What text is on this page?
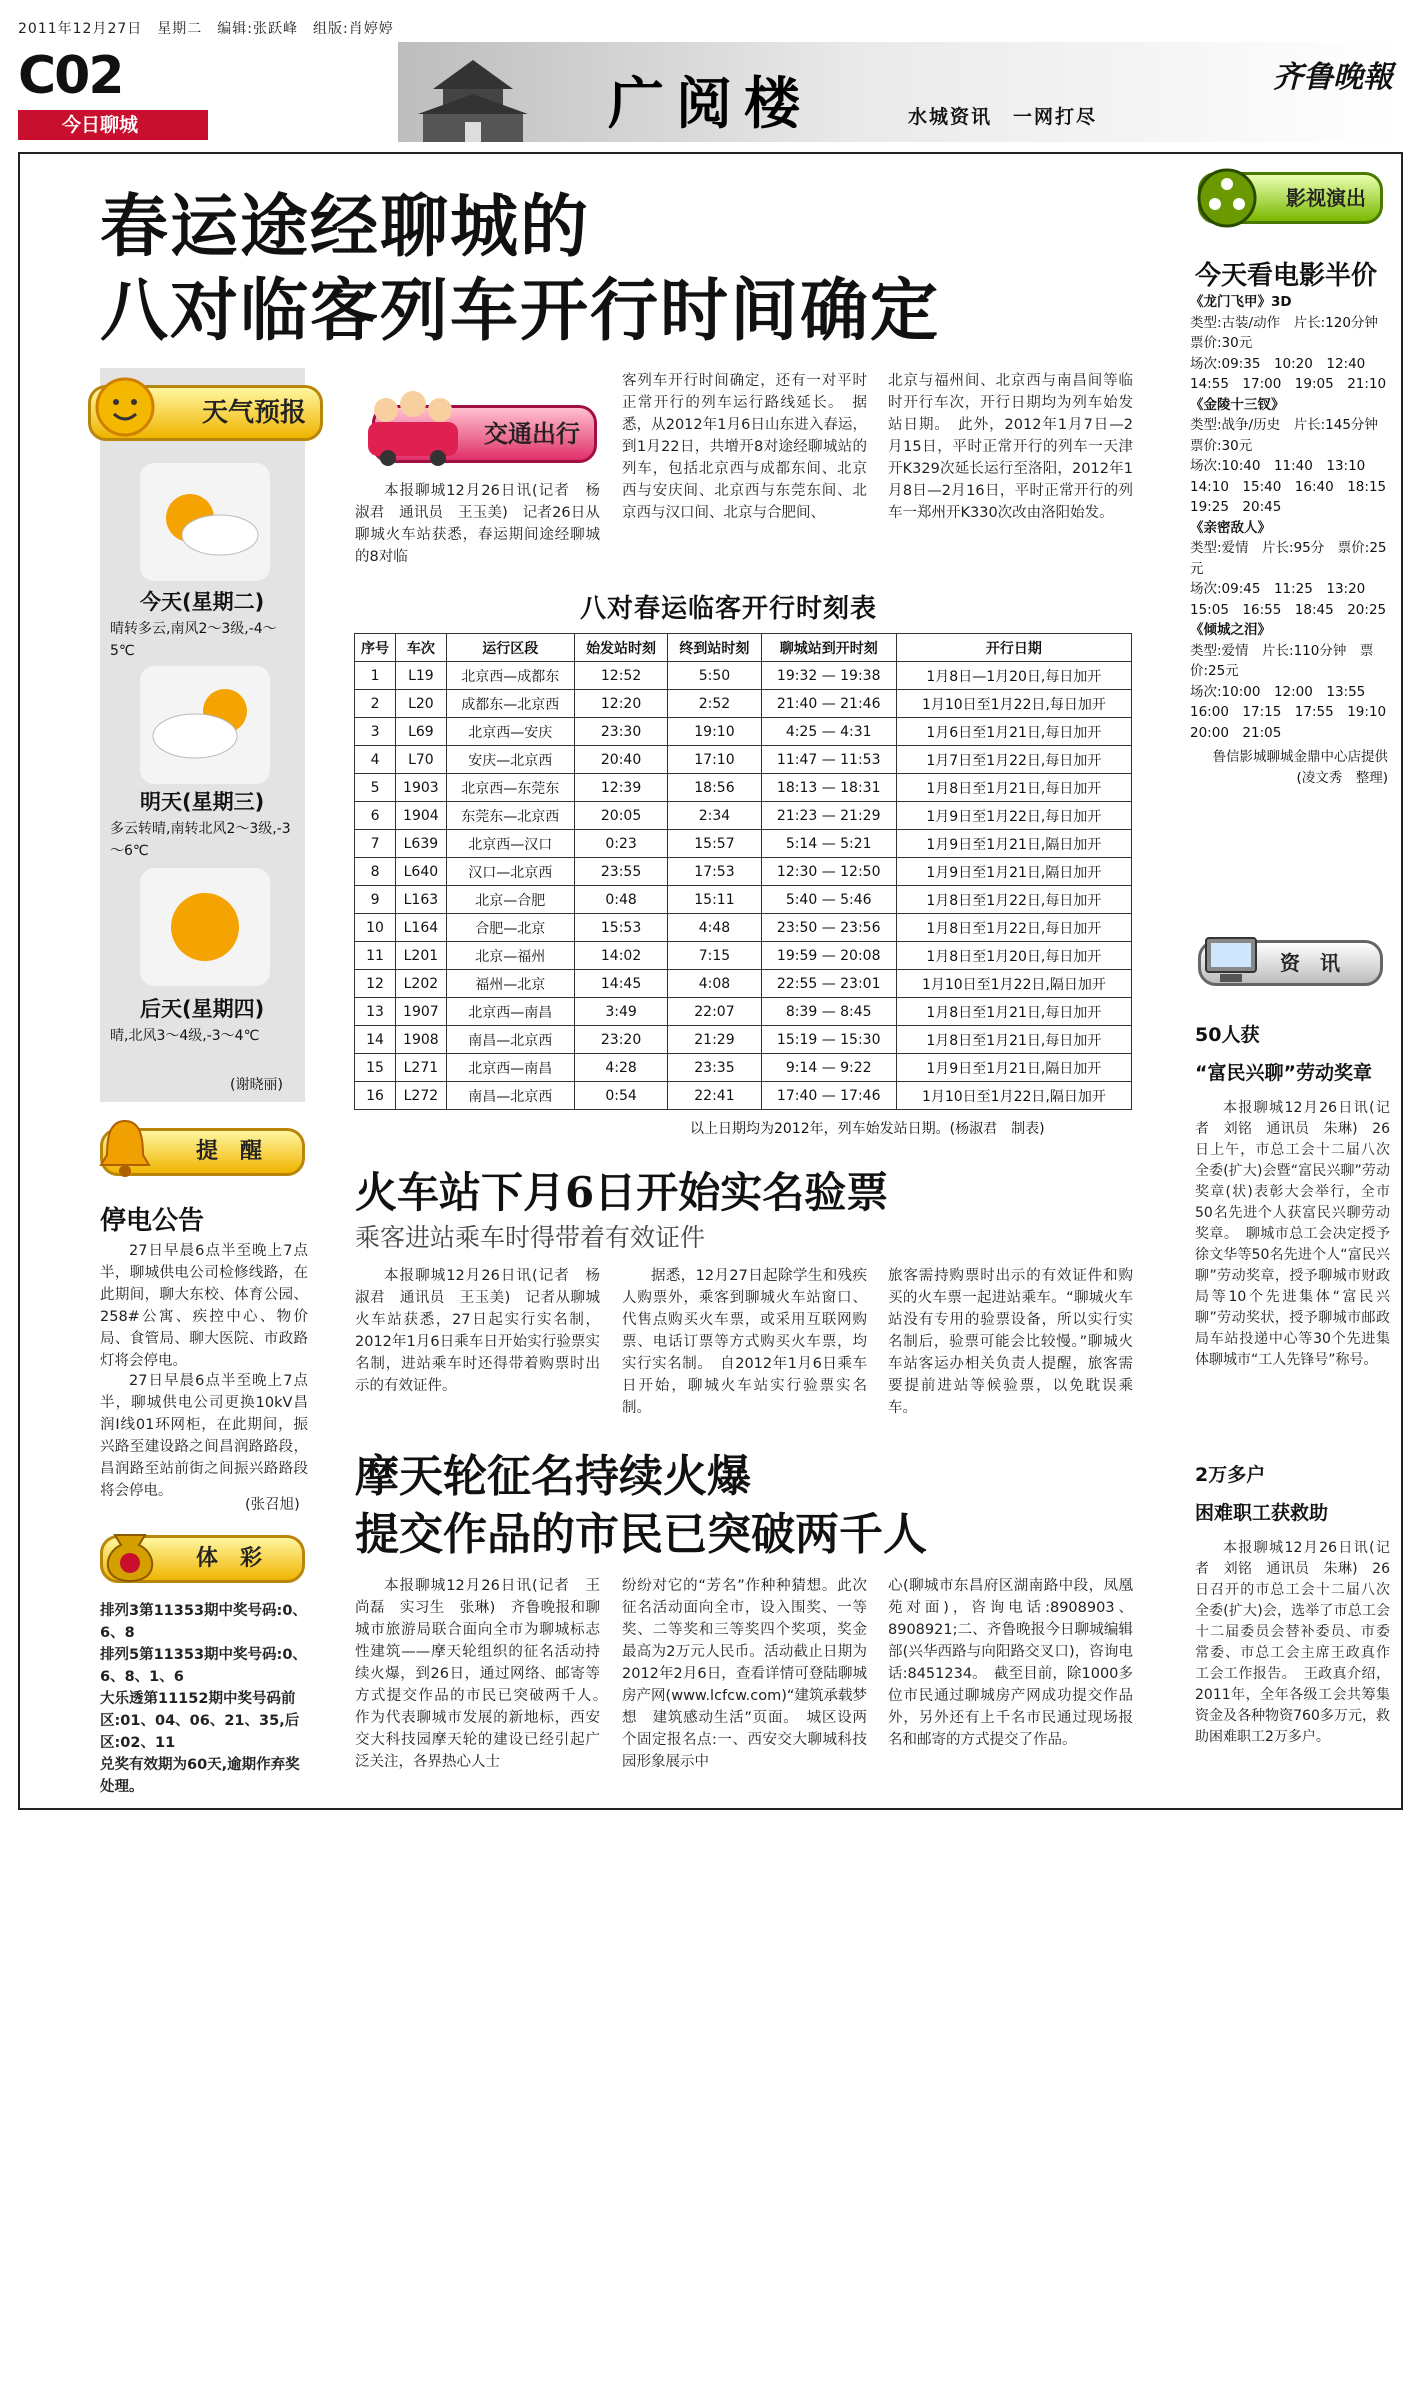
2011年12月27日　星期二　编辑:张跃峰　组版:肖婷婷
C02
今日聊城	广阅楼	水城资讯　一网打尽
齐鲁晚報
春运途经聊城的
八对临客列车开行时间确定
今天(星期二)
晴转多云,南风2～3级,-4～5℃
明天(星期三)
多云转晴,南转北风2～3级,-3～6℃
后天(星期四)
晴,北风3～4级,-3～4℃
(谢晓丽)
天气预报
提　醒
停电公告
27日早晨6点半至晚上7点半，聊城供电公司检修线路，在此期间，聊大东校、体育公园、258#公寓、疾控中心、物价局、食管局、聊大医院、市政路灯将会停电。
27日早晨6点半至晚上7点半，聊城供电公司更换10kV昌润I线01环网柜，在此期间，振兴路至建设路之间昌润路路段，昌润路至站前街之间振兴路路段将会停电。
(张召旭)
体　彩
排列3第11353期中奖号码:0、6、8
排列5第11353期中奖号码:0、6、8、1、6
大乐透第11152期中奖号码前区:01、04、06、21、35,后区:02、11
兑奖有效期为60天,逾期作弃奖处理。
交通出行
本报聊城12月26日讯(记者　杨淑君　通讯员　王玉美)　记者26日从聊城火车站获悉，春运期间途经聊城的8对临
客列车开行时间确定，还有一对平时正常开行的列车运行路线延长。　据悉，从2012年1月6日山东进入春运，到1月22日，共增开8对途经聊城站的列车，包括北京西与成都东间、北京西与安庆间、北京西与东莞东间、北京西与汉口间、北京与合肥间、
北京与福州间、北京西与南昌间等临时开行车次，开行日期均为列车始发站日期。　此外，2012年1月7日—2月15日，平时正常开行的列车一天津开K329次延长运行至洛阳，2012年1月8日—2月16日，平时正常开行的列车一郑州开K330次改由洛阳始发。
八对春运临客开行时刻表
序号	车次	运行区段	始发站时刻	终到站时刻	聊城站到开时刻	开行日期
1	L19	北京西—成都东	12:52	5:50	19:32 — 19:38	1月8日—1月20日,每日加开
2	L20	成都东—北京西	12:20	2:52	21:40 — 21:46	1月10日至1月22日,每日加开
3	L69	北京西—安庆	23:30	19:10	4:25 — 4:31	1月6日至1月21日,每日加开
4	L70	安庆—北京西	20:40	17:10	11:47 — 11:53	1月7日至1月22日,每日加开
5	1903	北京西—东莞东	12:39	18:56	18:13 — 18:31	1月8日至1月21日,每日加开
6	1904	东莞东—北京西	20:05	2:34	21:23 — 21:29	1月9日至1月22日,每日加开
7	L639	北京西—汉口	0:23	15:57	5:14 — 5:21	1月9日至1月21日,隔日加开
8	L640	汉口—北京西	23:55	17:53	12:30 — 12:50	1月9日至1月21日,隔日加开
9	L163	北京—合肥	0:48	15:11	5:40 — 5:46	1月8日至1月22日,每日加开
10	L164	合肥—北京	15:53	4:48	23:50 — 23:56	1月8日至1月22日,每日加开
11	L201	北京—福州	14:02	7:15	19:59 — 20:08	1月8日至1月20日,每日加开
12	L202	福州—北京	14:45	4:08	22:55 — 23:01	1月10日至1月22日,隔日加开
13	1907	北京西—南昌	3:49	22:07	8:39 — 8:45	1月8日至1月21日,每日加开
14	1908	南昌—北京西	23:20	21:29	15:19 — 15:30	1月8日至1月21日,每日加开
15	L271	北京西—南昌	4:28	23:35	9:14 — 9:22	1月9日至1月21日,隔日加开
16	L272	南昌—北京西	0:54	22:41	17:40 — 17:46	1月10日至1月22日,隔日加开
以上日期均为2012年，列车始发站日期。(杨淑君　制表)
火车站下月6日开始实名验票
乘客进站乘车时得带着有效证件
本报聊城12月26日讯(记者　杨淑君　通讯员　王玉美)　记者从聊城火车站获悉，27日起实行实名制，2012年1月6日乘车日开始实行验票实名制，进站乘车时还得带着购票时出示的有效证件。
据悉，12月27日起除学生和残疾人购票外，乘客到聊城火车站窗口、代售点购买火车票，或采用互联网购票、电话订票等方式购买火车票，均实行实名制。　自2012年1月6日乘车日开始，聊城火车站实行验票实名制。
旅客需持购票时出示的有效证件和购买的火车票一起进站乘车。“聊城火车站没有专用的验票设备，所以实行实名制后，验票可能会比较慢。”聊城火车站客运办相关负责人提醒，旅客需要提前进站等候验票，以免耽误乘车。
摩天轮征名持续火爆
提交作品的市民已突破两千人
本报聊城12月26日讯(记者　王尚磊　实习生　张琳)　齐鲁晚报和聊城市旅游局联合面向全市为聊城标志性建筑——摩天轮组织的征名活动持续火爆，到26日，通过网络、邮寄等方式提交作品的市民已突破两千人。　作为代表聊城市发展的新地标，西安交大科技园摩天轮的建设已经引起广泛关注，各界热心人士
纷纷对它的“芳名”作种种猜想。此次征名活动面向全市，设入围奖、一等奖、二等奖和三等奖四个奖项，奖金最高为2万元人民币。活动截止日期为2012年2月6日，查看详情可登陆聊城房产网(www.lcfcw.com)“建筑承载梦想　建筑感动生活”页面。　城区设两个固定报名点:一、西安交大聊城科技园形象展示中
心(聊城市东昌府区湖南路中段，凤凰苑对面)，咨询电话:8908903、8908921;二、齐鲁晚报今日聊城编辑部(兴华西路与向阳路交叉口)，咨询电话:8451234。　截至目前，除1000多位市民通过聊城房产网成功提交作品外，另外还有上千名市民通过现场报名和邮寄的方式提交了作品。
影视演出
今天看电影半价
《龙门飞甲》3D
类型:古装/动作　片长:120分钟　票价:30元
场次:09:35　10:20　12:40　14:55　17:00　19:05　21:10
《金陵十三钗》
类型:战争/历史　片长:145分钟　票价:30元
场次:10:40　11:40　13:10　14:10　15:40　16:40　18:15　19:25　20:45
《亲密敌人》
类型:爱情　片长:95分　票价:25元
场次:09:45　11:25　13:20　15:05　16:55　18:45　20:25
《倾城之泪》
类型:爱情　片长:110分钟　票价:25元
场次:10:00　12:00　13:55　16:00　17:15　17:55　19:10　20:00　21:05
鲁信影城聊城金鼎中心店提供
(凌文秀　整理)
资　讯
50人获
“富民兴聊”劳动奖章
本报聊城12月26日讯(记者　刘铭　通讯员　朱琳)　26日上午，市总工会十二届八次全委(扩大)会暨“富民兴聊”劳动奖章(状)表彰大会举行，全市50名先进个人获富民兴聊劳动奖章。　聊城市总工会决定授予徐文华等50名先进个人“富民兴聊”劳动奖章，授予聊城市财政局等10个先进集体“富民兴聊”劳动奖状，授予聊城市邮政局车站投递中心等30个先进集体聊城市“工人先锋号”称号。
2万多户
困难职工获救助
本报聊城12月26日讯(记者　刘铭　通讯员　朱琳)　26日召开的市总工会十二届八次全委(扩大)会，选举了市总工会十二届委员会替补委员、市委常委、市总工会主席王政真作工会工作报告。　王政真介绍，2011年，全年各级工会共筹集资金及各种物资760多万元，救助困难职工2万多户。
